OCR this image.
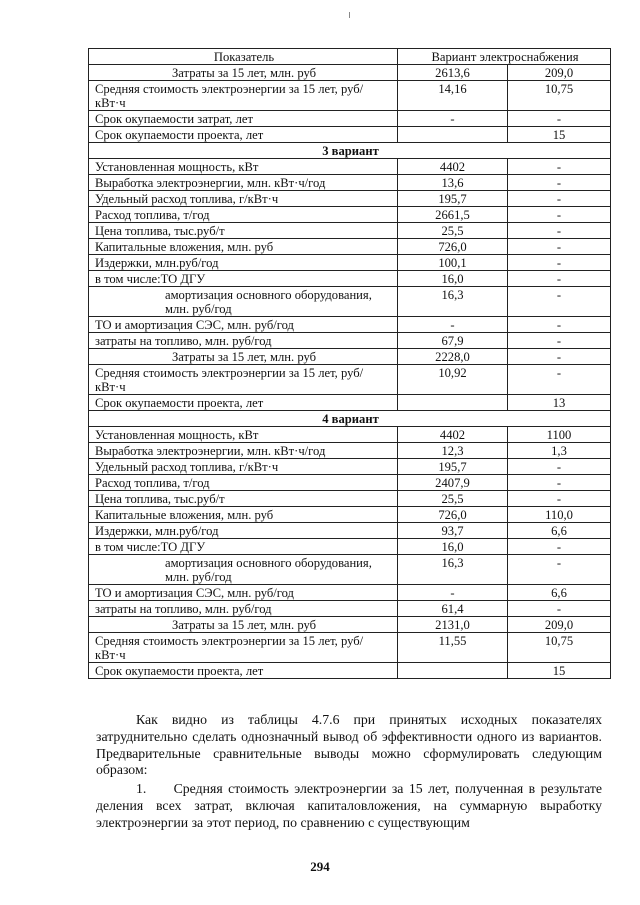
Показатель	Вариант электроснабжения	
Затраты за 15 лет, млн. руб	2613,6	209,0
Средняя стоимость электроэнергии за 15 лет, руб/кВт·ч	14,16	10,75
Срок окупаемости затрат, лет	-	-
Срок окупаемости проекта, лет		15
3 вариант		
Установленная мощность, кВт	4402	-
Выработка электроэнергии, млн. кВт·ч/год	13,6	-
Удельный расход топлива, г/кВт·ч	195,7	-
Расход топлива, т/год	2661,5	-
Цена топлива, тыс.руб/т	25,5	-
Капитальные вложения, млн. руб	726,0	-
Издержки, млн.руб/год	100,1	-
в том числе:ТО ДГУ	16,0	-
амортизация основного оборудования, млн. руб/год	16,3	-
ТО и амортизация СЭС, млн. руб/год	-	-
затраты на топливо, млн. руб/год	67,9	-
Затраты за 15 лет, млн. руб	2228,0	-
Средняя стоимость электроэнергии за 15 лет, руб/кВт·ч	10,92	-
Срок окупаемости проекта, лет		13
4 вариант		
Установленная мощность, кВт	4402	1100
Выработка электроэнергии, млн. кВт·ч/год	12,3	1,3
Удельный расход топлива, г/кВт·ч	195,7	-
Расход топлива, т/год	2407,9	-
Цена топлива, тыс.руб/т	25,5	-
Капитальные вложения, млн. руб	726,0	110,0
Издержки, млн.руб/год	93,7	6,6
в том числе:ТО ДГУ	16,0	-
амортизация основного оборудования, млн. руб/год	16,3	-
ТО и амортизация СЭС, млн. руб/год	-	6,6
затраты на топливо, млн. руб/год	61,4	-
Затраты за 15 лет, млн. руб	2131,0	209,0
Средняя стоимость электроэнергии за 15 лет, руб/кВт·ч	11,55	10,75
Срок окупаемости проекта, лет		15
Как видно из таблицы 4.7.6 при принятых исходных показателях затруднительно сделать однозначный вывод об эффективности одного из вариантов. Предварительные сравнительные выводы можно сформулировать следующим образом:
1.     Средняя стоимость электроэнергии за 15 лет, полученная в результате деления всех затрат, включая капиталовложения, на суммарную выработку электроэнергии за этот период, по сравнению с существующим
294
